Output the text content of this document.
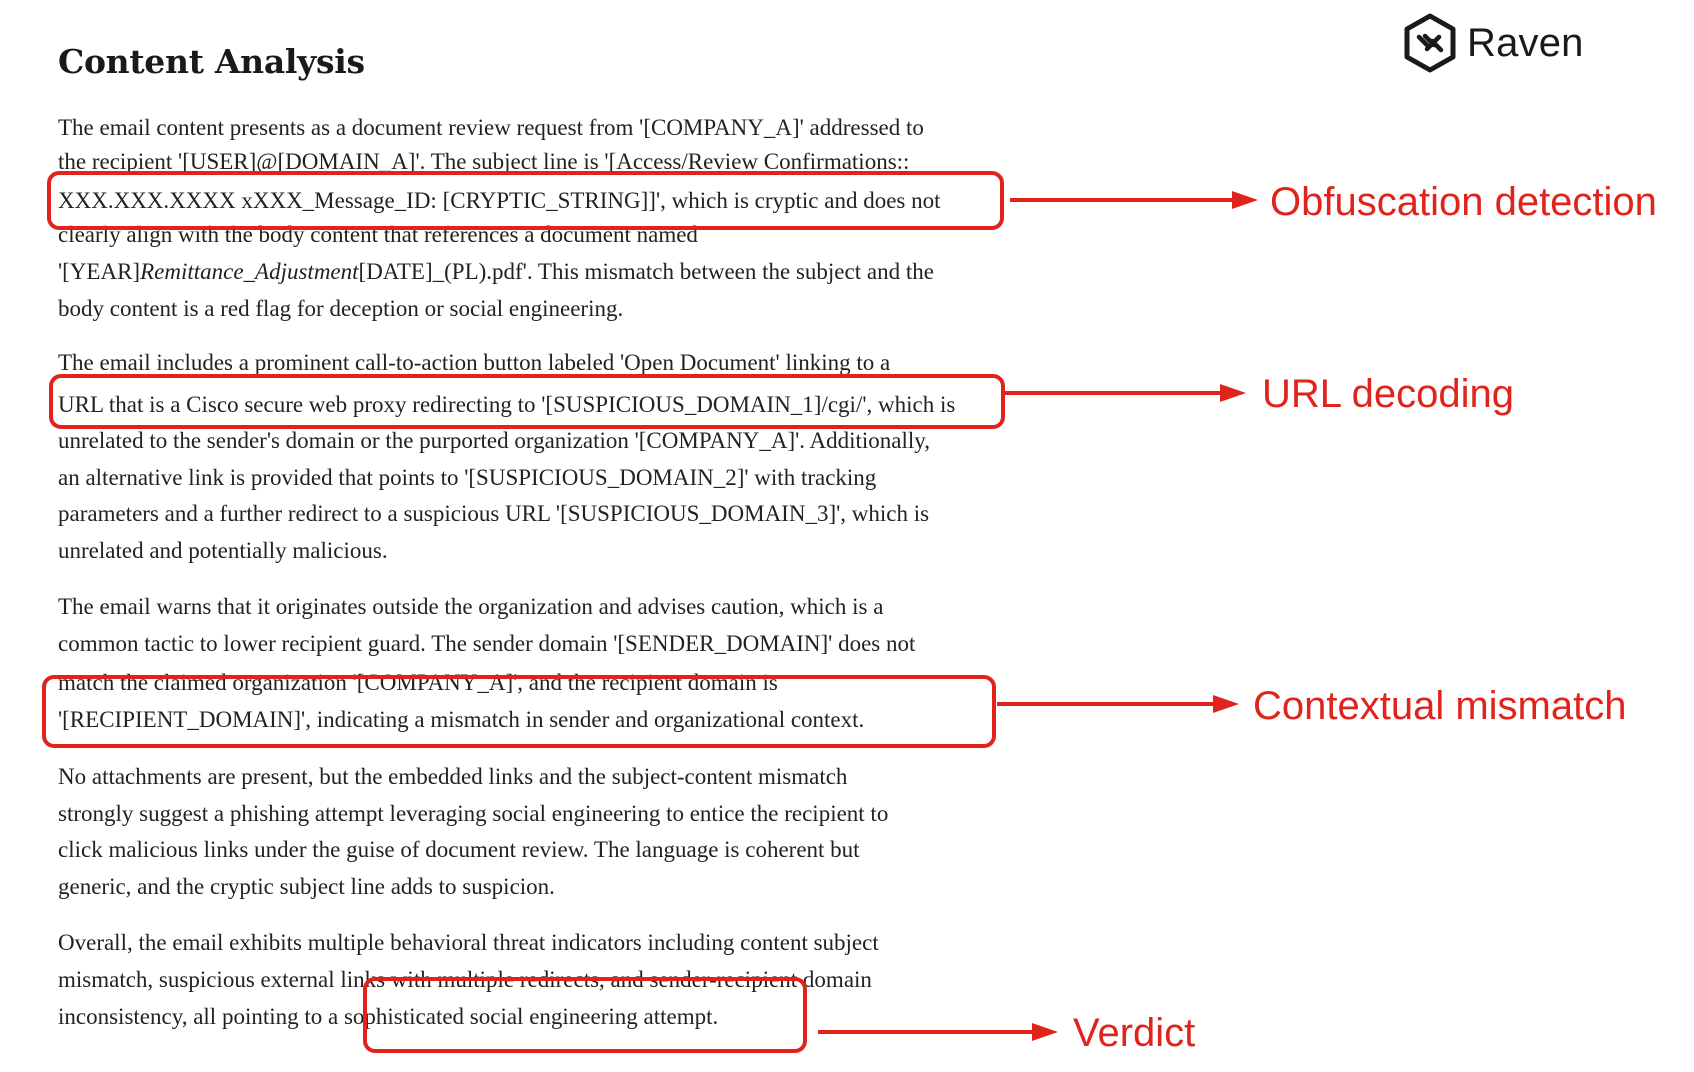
Raven
Content Analysis

The email content presents as a document review request from '[COMPANY_A]' addressed to

the recipient '[USER]@[DOMAIN_A]'. The subject line is '[Access/Review Confirmations::

XXX.XXX.XXXX xXXX_Message_ID: [CRYPTIC_STRING]]', which is cryptic and does not

clearly align with the body content that references a document named

'[YEAR]Remittance_Adjustment[DATE]_(PL).pdf'. This mismatch between the subject and the

body content is a red flag for deception or social engineering.

The email includes a prominent call-to-action button labeled 'Open Document' linking to a

URL that is a Cisco secure web proxy redirecting to '[SUSPICIOUS_DOMAIN_1]/cgi/', which is

unrelated to the sender's domain or the purported organization '[COMPANY_A]'. Additionally,

an alternative link is provided that points to '[SUSPICIOUS_DOMAIN_2]' with tracking

parameters and a further redirect to a suspicious URL '[SUSPICIOUS_DOMAIN_3]', which is

unrelated and potentially malicious.

The email warns that it originates outside the organization and advises caution, which is a

common tactic to lower recipient guard. The sender domain '[SENDER_DOMAIN]' does not

match the claimed organization '[COMPANY_A]', and the recipient domain is

'[RECIPIENT_DOMAIN]', indicating a mismatch in sender and organizational context.

No attachments are present, but the embedded links and the subject-content mismatch

strongly suggest a phishing attempt leveraging social engineering to entice the recipient to

click malicious links under the guise of document review. The language is coherent but

generic, and the cryptic subject line adds to suspicion.

Overall, the email exhibits multiple behavioral threat indicators including content subject

mismatch, suspicious external links with multiple redirects, and sender-recipient domain

inconsistency, all pointing to a sophisticated social engineering attempt.

Obfuscation detection

URL decoding

Contextual mismatch

Verdict
